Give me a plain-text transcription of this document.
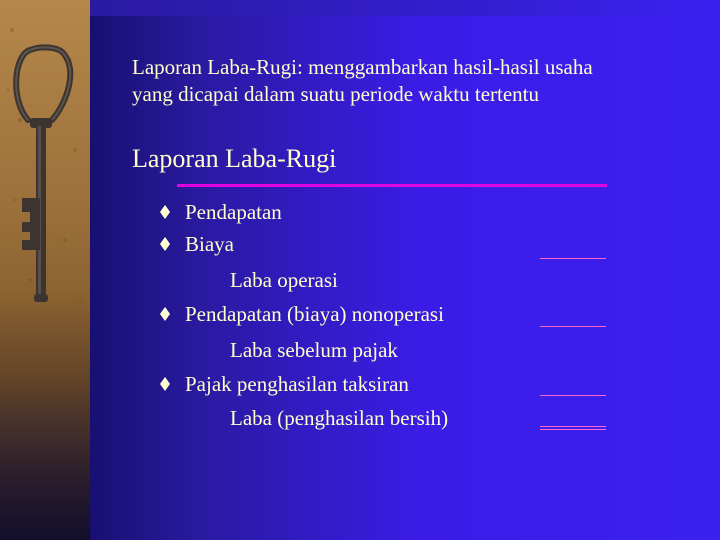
Laporan Laba-Rugi: menggambarkan hasil-hasil usaha
yang dicapai dalam suatu periode waktu tertentu
Laporan Laba-Rugi
Pendapatan
Biaya
Laba operasi
Pendapatan (biaya) nonoperasi
Laba sebelum pajak
Pajak penghasilan taksiran
Laba (penghasilan bersih)
